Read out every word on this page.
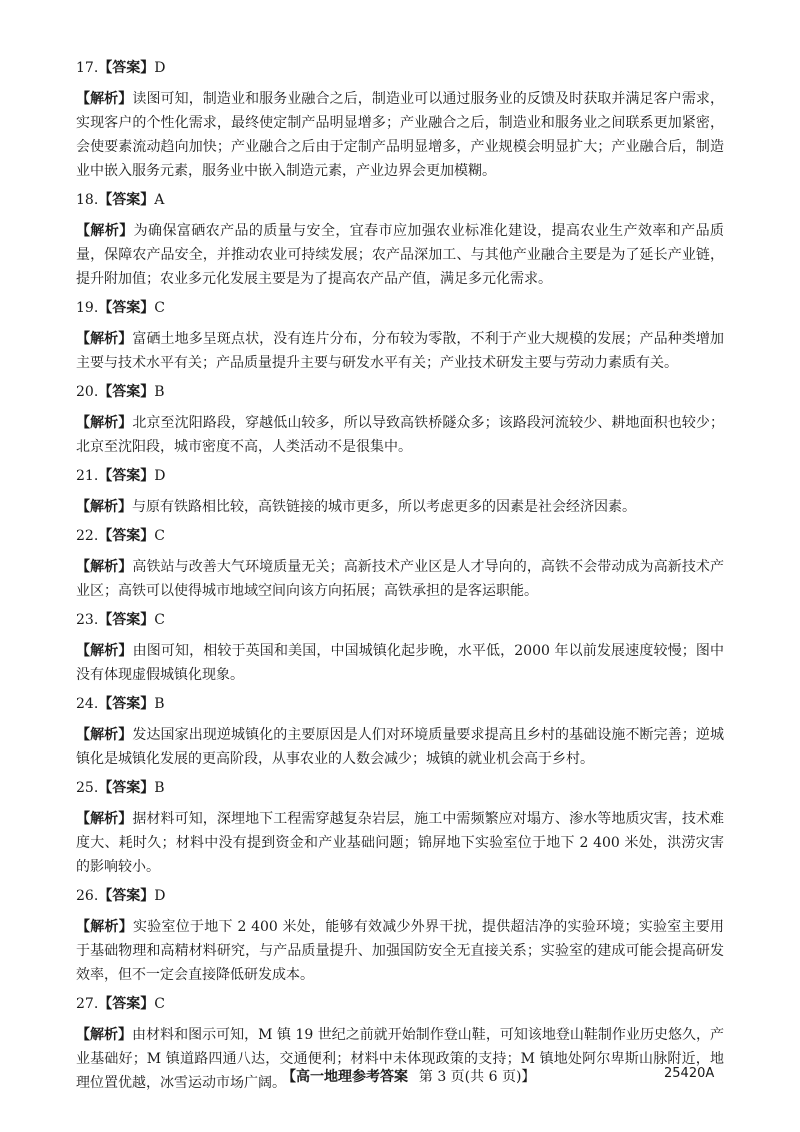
17.【答案】D
【解析】读图可知，制造业和服务业融合之后，制造业可以通过服务业的反馈及时获取并满足客户需求，实现客户的个性化需求，最终使定制产品明显增多；产业融合之后，制造业和服务业之间联系更加紧密，会使要素流动趋向加快；产业融合之后由于定制产品明显增多，产业规模会明显扩大；产业融合后，制造业中嵌入服务元素，服务业中嵌入制造元素，产业边界会更加模糊。
18.【答案】A
【解析】为确保富硒农产品的质量与安全，宜春市应加强农业标准化建设，提高农业生产效率和产品质量，保障农产品安全，并推动农业可持续发展；农产品深加工、与其他产业融合主要是为了延长产业链，提升附加值；农业多元化发展主要是为了提高农产品产值，满足多元化需求。
19.【答案】C
【解析】富硒土地多呈斑点状，没有连片分布，分布较为零散，不利于产业大规模的发展；产品种类增加主要与技术水平有关；产品质量提升主要与研发水平有关；产业技术研发主要与劳动力素质有关。
20.【答案】B
【解析】北京至沈阳路段，穿越低山较多，所以导致高铁桥隧众多；该路段河流较少、耕地面积也较少；北京至沈阳段，城市密度不高，人类活动不是很集中。
21.【答案】D
【解析】与原有铁路相比较，高铁链接的城市更多，所以考虑更多的因素是社会经济因素。
22.【答案】C
【解析】高铁站与改善大气环境质量无关；高新技术产业区是人才导向的，高铁不会带动成为高新技术产业区；高铁可以使得城市地域空间向该方向拓展；高铁承担的是客运职能。
23.【答案】C
【解析】由图可知，相较于英国和美国，中国城镇化起步晚，水平低，2000 年以前发展速度较慢；图中没有体现虚假城镇化现象。
24.【答案】B
【解析】发达国家出现逆城镇化的主要原因是人们对环境质量要求提高且乡村的基础设施不断完善；逆城镇化是城镇化发展的更高阶段，从事农业的人数会减少；城镇的就业机会高于乡村。
25.【答案】B
【解析】据材料可知，深埋地下工程需穿越复杂岩层，施工中需频繁应对塌方、渗水等地质灾害，技术难度大、耗时久；材料中没有提到资金和产业基础问题；锦屏地下实验室位于地下 2 400 米处，洪涝灾害的影响较小。
26.【答案】D
【解析】实验室位于地下 2 400 米处，能够有效减少外界干扰，提供超洁净的实验环境；实验室主要用于基础物理和高精材料研究，与产品质量提升、加强国防安全无直接关系；实验室的建成可能会提高研发效率，但不一定会直接降低研发成本。
27.【答案】C
【解析】由材料和图示可知，M 镇 19 世纪之前就开始制作登山鞋，可知该地登山鞋制作业历史悠久，产业基础好；M 镇道路四通八达，交通便利；材料中未体现政策的支持；M 镇地处阿尔卑斯山脉附近，地理位置优越，冰雪运动市场广阔。
【高一地理参考答案 第 3 页(共 6 页)】	25420A
